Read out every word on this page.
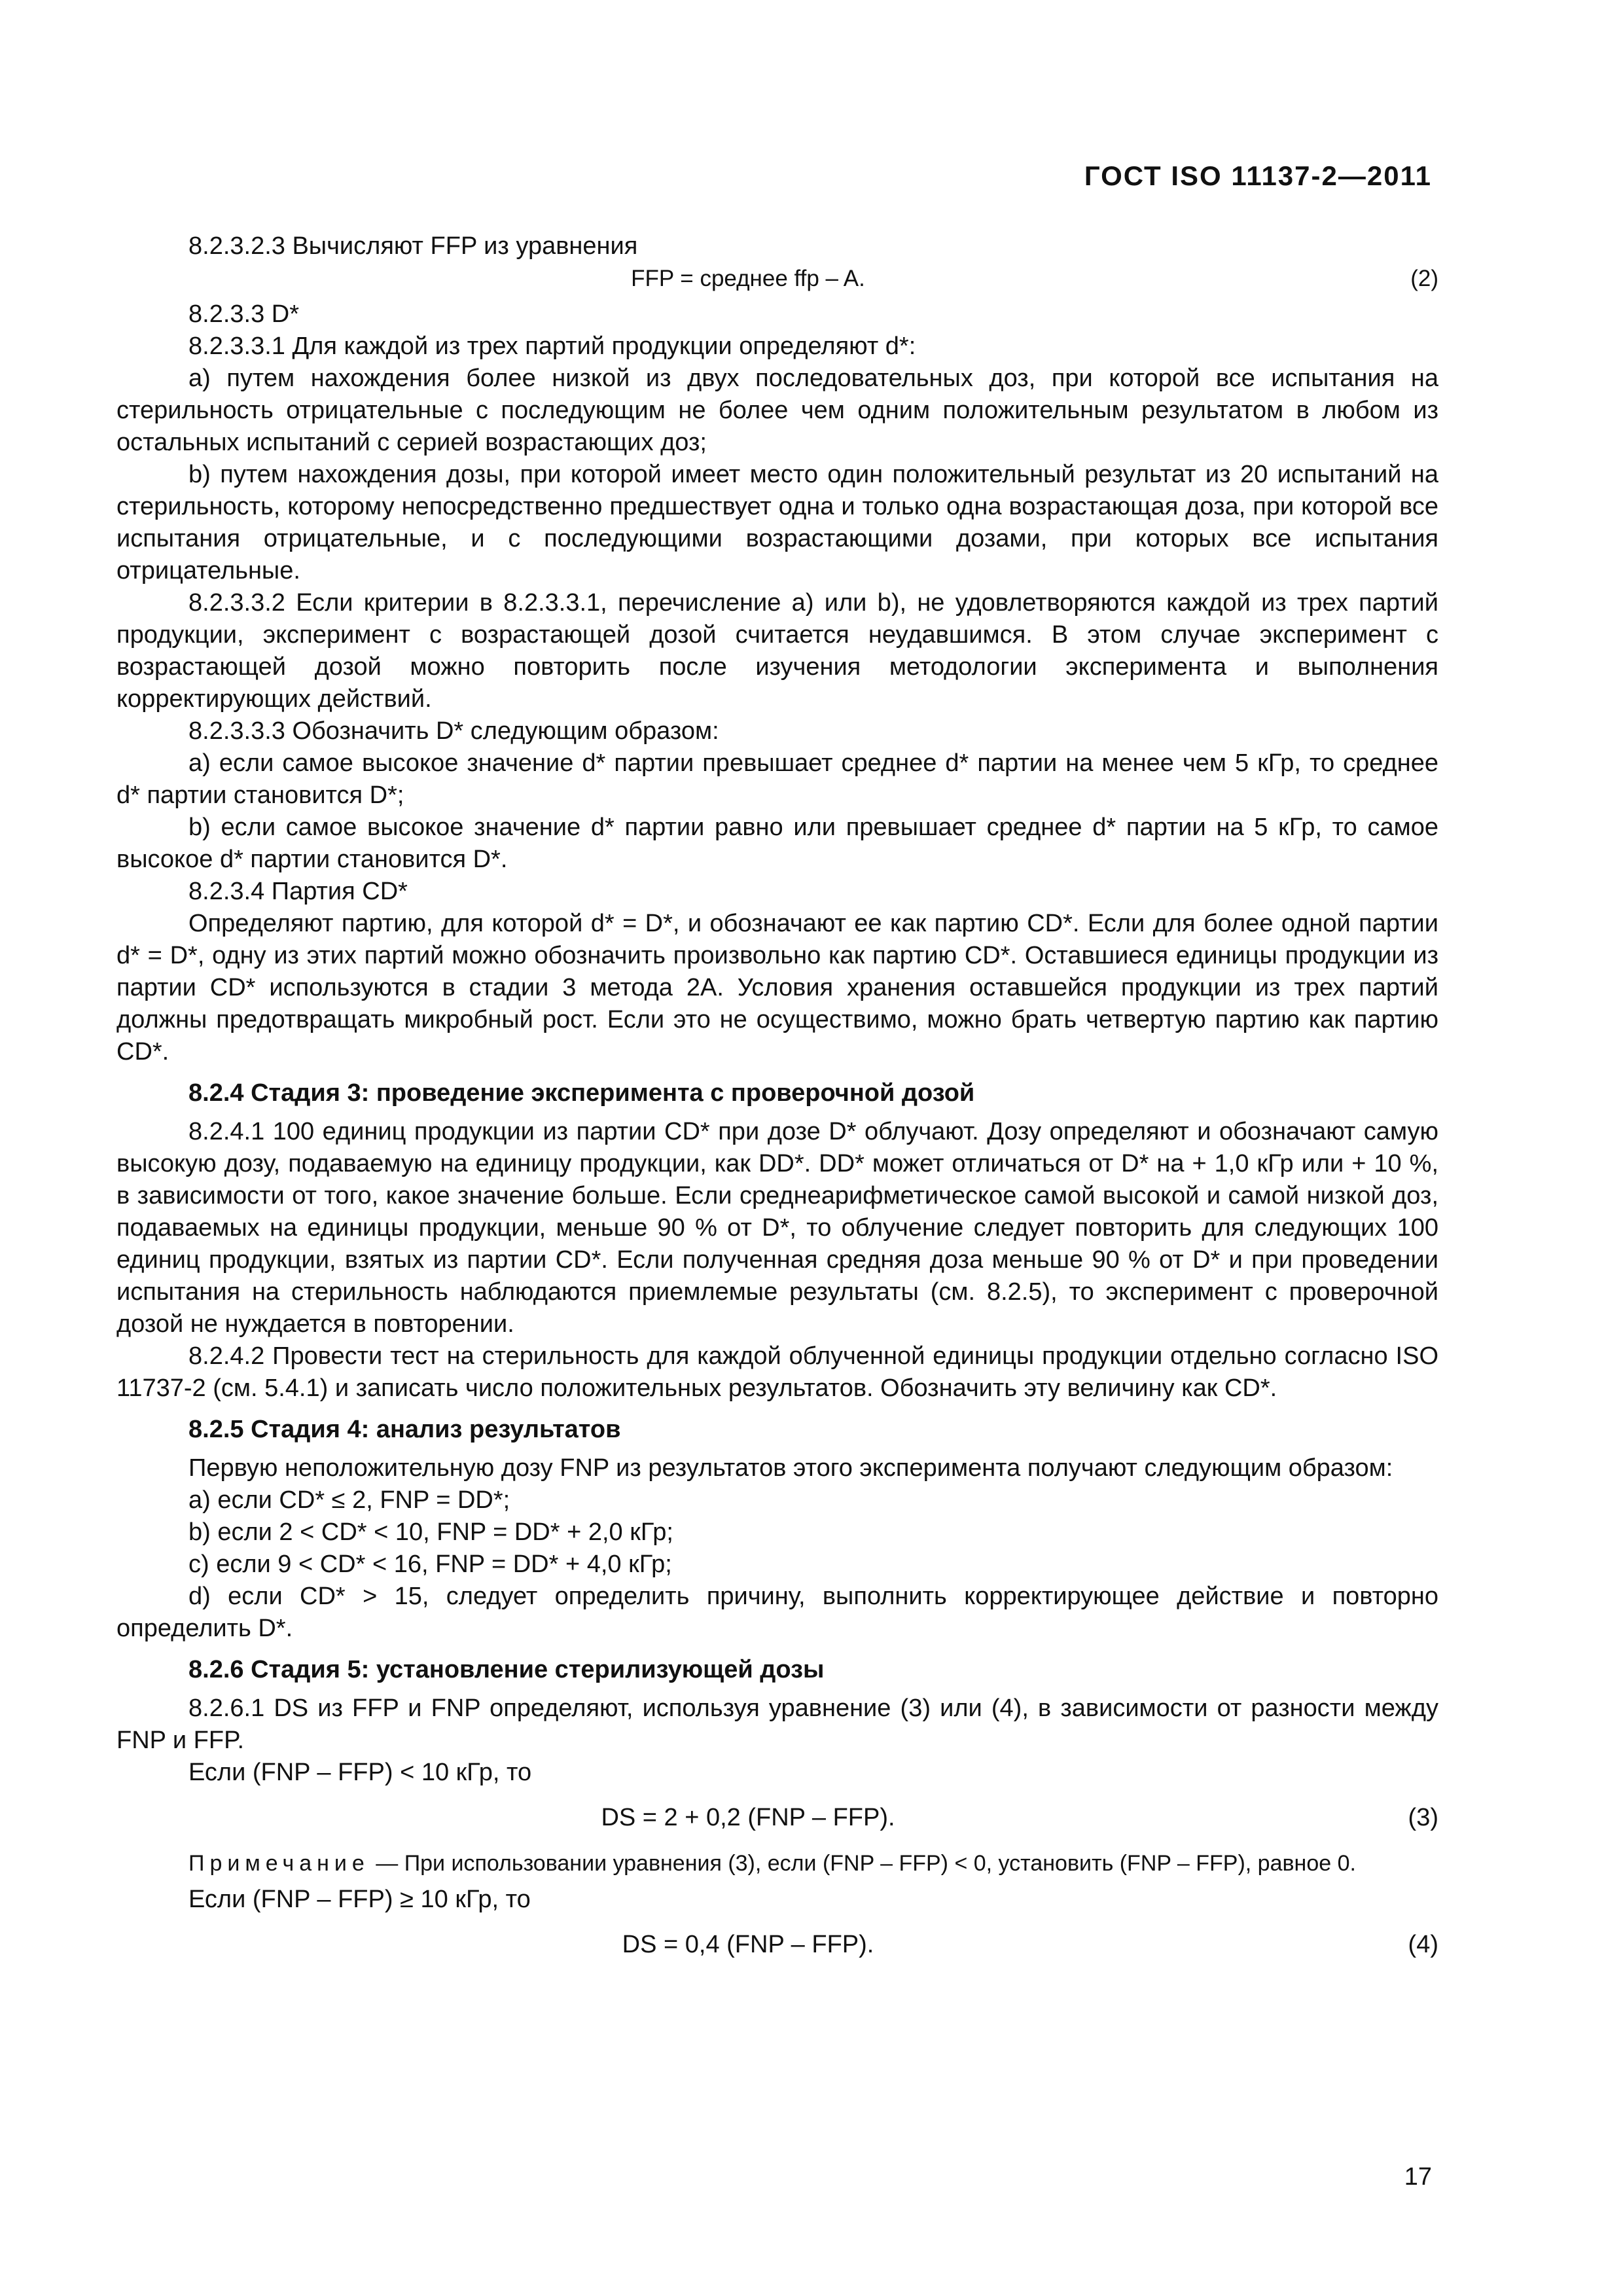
ГОСТ ISO 11137-2—2011

8.2.3.2.3 Вычисляют FFP из уравнения

FFP = среднее ffp – A.	(2)

8.2.3.3 D*

8.2.3.3.1 Для каждой из трех партий продукции определяют d*:

а) путем нахождения более низкой из двух последовательных доз, при которой все испытания на стерильность отрицательные с последующим не более чем одним положительным результатом в любом из остальных испытаний с серией возрастающих доз;

b) путем нахождения дозы, при которой имеет место один положительный результат из 20 испытаний на стерильность, которому непосредственно предшествует одна и только одна возрастающая доза, при которой все испытания отрицательные, и с последующими возрастающими дозами, при которых все испытания отрицательные.

8.2.3.3.2 Если критерии в 8.2.3.3.1, перечисление а) или b), не удовлетворяются каждой из трех партий продукции, эксперимент с возрастающей дозой считается неудавшимся. В этом случае эксперимент с возрастающей дозой можно повторить после изучения методологии эксперимента и выполнения корректирующих действий.

8.2.3.3.3 Обозначить D* следующим образом:

а) если самое высокое значение d* партии превышает среднее d* партии на менее чем 5 кГр, то среднее d* партии становится D*;

b) если самое высокое значение d* партии равно или превышает среднее d* партии на 5 кГр, то самое высокое d* партии становится D*.

8.2.3.4 Партия CD*

Определяют партию, для которой d* = D*, и обозначают ее как партию CD*. Если для более одной партии d* = D*, одну из этих партий можно обозначить произвольно как партию CD*. Оставшиеся единицы продукции из партии CD* используются в стадии 3 метода 2А. Условия хранения оставшейся продукции из трех партий должны предотвращать микробный рост. Если это не осуществимо, можно брать четвертую партию как партию CD*.

8.2.4 Стадия 3: проведение эксперимента с проверочной дозой

8.2.4.1 100 единиц продукции из партии CD* при дозе D* облучают. Дозу определяют и обозначают самую высокую дозу, подаваемую на единицу продукции, как DD*. DD* может отличаться от D* на + 1,0 кГр или + 10 %, в зависимости от того, какое значение больше. Если среднеарифметическое самой высокой и самой низкой доз, подаваемых на единицы продукции, меньше 90 % от D*, то облучение следует повторить для следующих 100 единиц продукции, взятых из партии CD*. Если полученная средняя доза меньше 90 % от D* и при проведении испытания на стерильность наблюдаются приемлемые результаты (см. 8.2.5), то эксперимент с проверочной дозой не нуждается в повторении.

8.2.4.2 Провести тест на стерильность для каждой облученной единицы продукции отдельно согласно ISO 11737-2 (см. 5.4.1) и записать число положительных результатов. Обозначить эту величину как CD*.

8.2.5 Стадия 4: анализ результатов

Первую неположительную дозу FNP из результатов этого эксперимента получают следующим образом:

а) если CD* ≤ 2, FNP = DD*;

b) если 2 < CD* < 10, FNP = DD* + 2,0 кГр;

с) если 9 < CD* < 16, FNP = DD* + 4,0 кГр;

d) если CD* > 15, следует определить причину, выполнить корректирующее действие и повторно определить D*.

8.2.6 Стадия 5: установление стерилизующей дозы

8.2.6.1 DS из FFP и FNP определяют, используя уравнение (3) или (4), в зависимости от разности между FNP и FFP.

Если (FNP – FFP) < 10 кГр, то

DS = 2 + 0,2 (FNP – FFP).	(3)

Примечание — При использовании уравнения (3), если (FNP – FFP) < 0, установить (FNP – FFP), равное 0.

Если (FNP – FFP) ≥ 10 кГр, то

DS = 0,4 (FNP – FFP).	(4)
17
